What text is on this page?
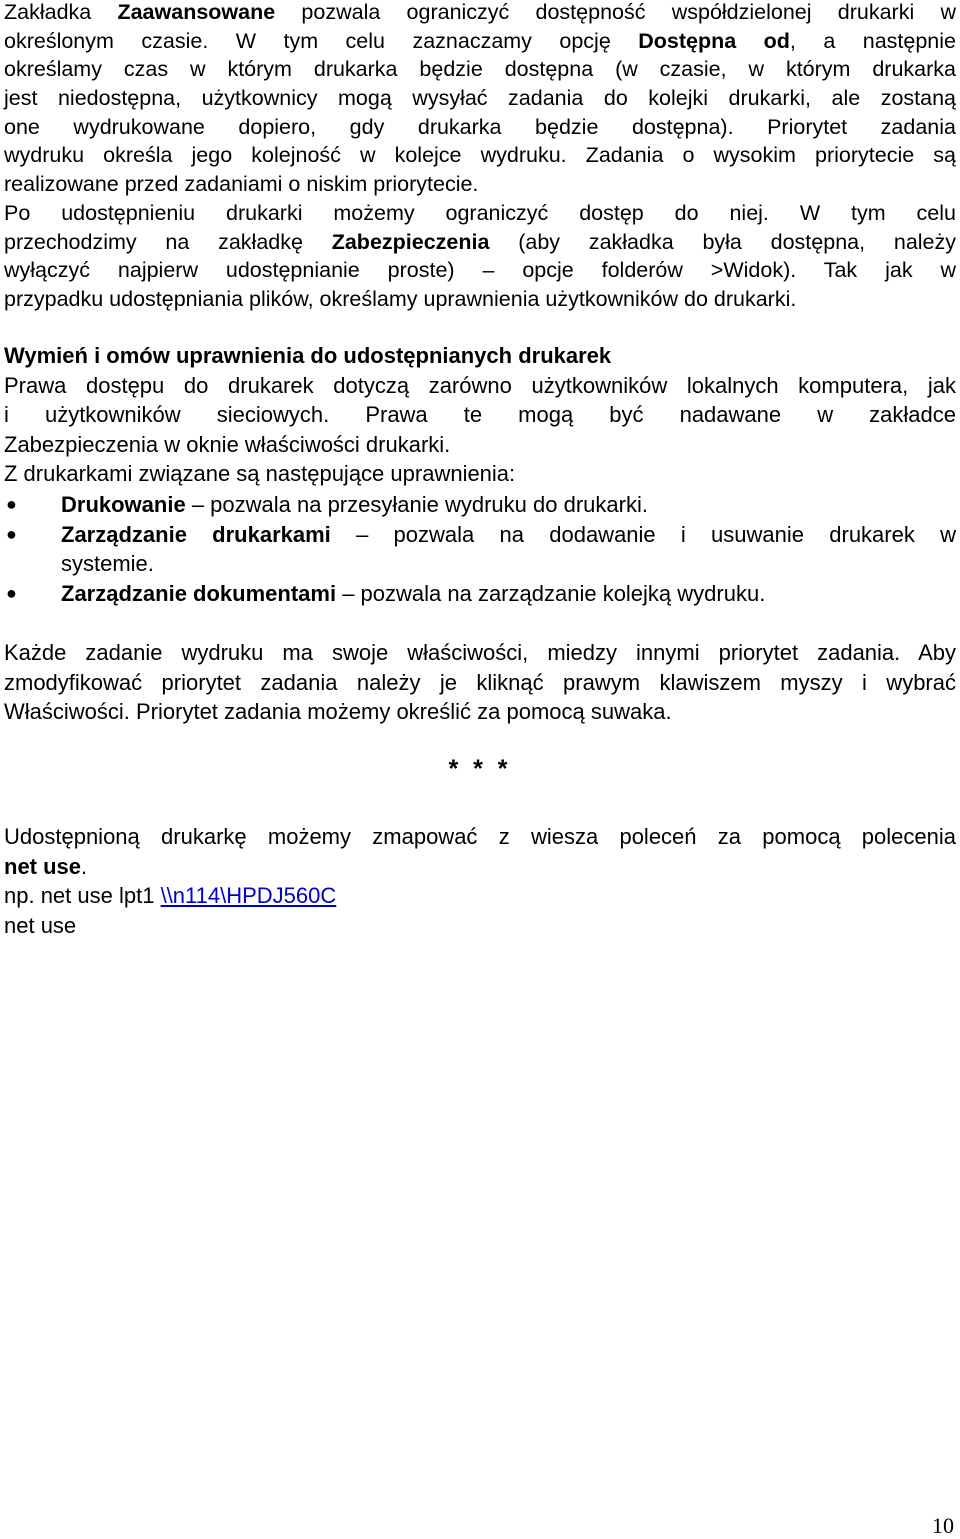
Zakładka Zaawansowane pozwala ograniczyć dostępność współdzielonej drukarki w
określonym czasie. W tym celu zaznaczamy opcję Dostępna od, a następnie
określamy czas w którym drukarka będzie dostępna (w czasie, w którym drukarka
jest niedostępna, użytkownicy mogą wysyłać zadania do kolejki drukarki, ale zostaną
one wydrukowane dopiero, gdy drukarka będzie dostępna). Priorytet zadania
wydruku określa jego kolejność w kolejce wydruku. Zadania o wysokim priorytecie są
realizowane przed zadaniami o niskim priorytecie.
Po udostępnieniu drukarki możemy ograniczyć dostęp do niej. W tym celu
przechodzimy na zakładkę Zabezpieczenia (aby zakładka była dostępna, należy
wyłączyć najpierw udostępnianie proste) – opcje folderów >Widok). Tak jak w
przypadku udostępniania plików, określamy uprawnienia użytkowników do drukarki.
Wymień i omów uprawnienia do udostępnianych drukarek
Prawa dostępu do drukarek dotyczą zarówno użytkowników lokalnych komputera, jak
i użytkowników sieciowych. Prawa te mogą być nadawane w zakładce
Zabezpieczenia w oknie właściwości drukarki.
Z drukarkami związane są następujące uprawnienia:
● Drukowanie – pozwala na przesyłanie wydruku do drukarki.
● Zarządzanie drukarkami – pozwala na dodawanie i usuwanie drukarek w
systemie.
● Zarządzanie dokumentami – pozwala na zarządzanie kolejką wydruku.
Każde zadanie wydruku ma swoje właściwości, miedzy innymi priorytet zadania. Aby
zmodyfikować priorytet zadania należy je kliknąć prawym klawiszem myszy i wybrać
Właściwości. Priorytet zadania możemy określić za pomocą suwaka.
* * *
Udostępnioną drukarkę możemy zmapować z wiesza poleceń za pomocą polecenia
net use.
np. net use lpt1 \\n114\HPDJ560C
net use
10
